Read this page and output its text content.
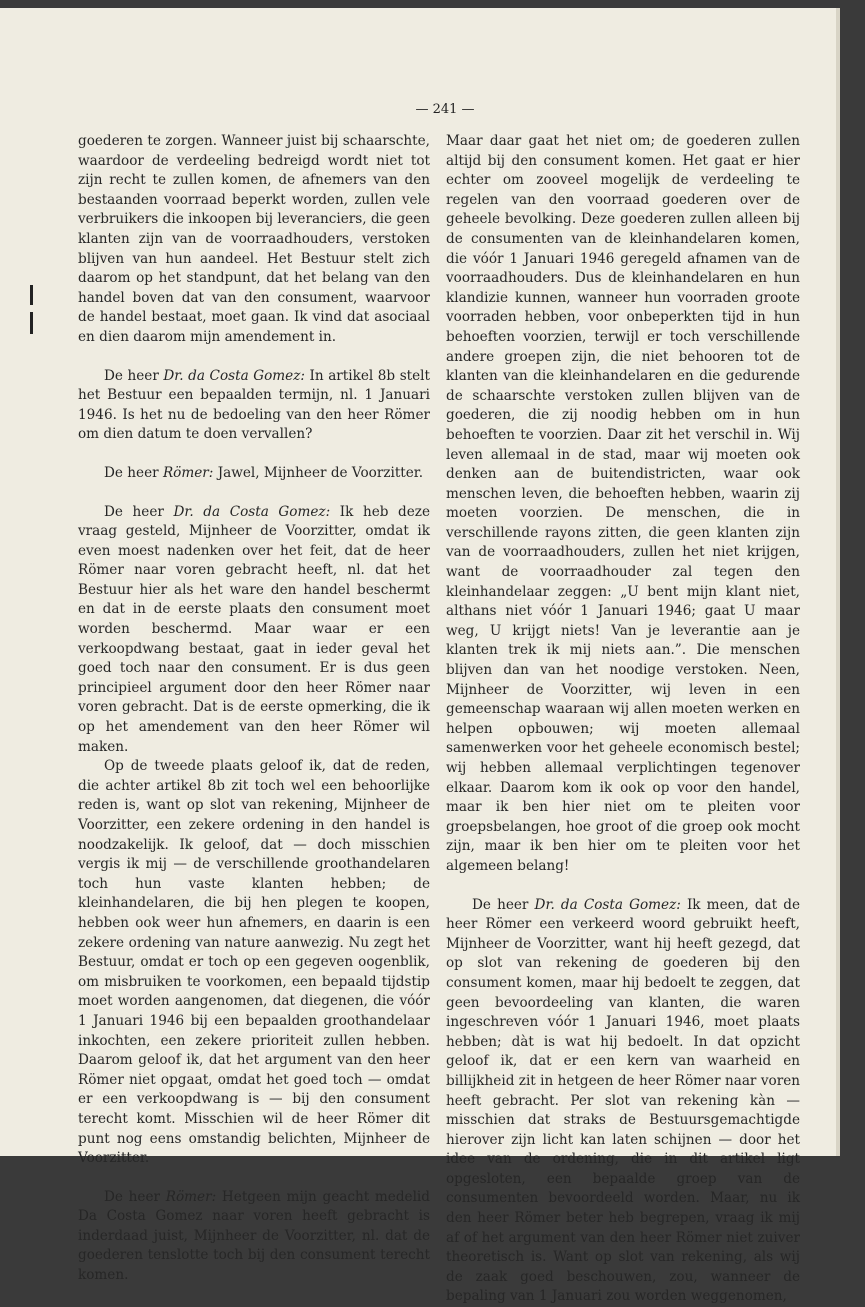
— 241 —

goederen te zorgen. Wanneer juist bij schaarschte, waardoor de verdeeling bedreigd wordt niet tot zijn recht te zullen komen, de afnemers van den bestaanden voorraad beperkt worden, zullen vele verbruikers die inkoopen bij leveranciers, die geen klanten zijn van de voorraadhouders, verstoken blijven van hun aandeel. Het Bestuur stelt zich daarom op het standpunt, dat het belang van den handel boven dat van den consument, waarvoor de handel bestaat, moet gaan. Ik vind dat asociaal en dien daarom mijn amendement in.

De heer Dr. da Costa Gomez: In artikel 8b stelt het Bestuur een bepaalden termijn, nl. 1 Januari 1946. Is het nu de bedoeling van den heer Römer om dien datum te doen vervallen?

De heer Römer: Jawel, Mijnheer de Voorzitter.

De heer Dr. da Costa Gomez: Ik heb deze vraag gesteld, Mijnheer de Voorzitter, omdat ik even moest nadenken over het feit, dat de heer Römer naar voren gebracht heeft, nl. dat het Bestuur hier als het ware den handel beschermt en dat in de eerste plaats den consument moet worden beschermd. Maar waar er een verkoopdwang bestaat, gaat in ieder geval het goed toch naar den consument. Er is dus geen principieel argument door den heer Römer naar voren gebracht. Dat is de eerste opmerking, die ik op het amendement van den heer Römer wil maken.

Op de tweede plaats geloof ik, dat de reden, die achter artikel 8b zit toch wel een behoorlijke reden is, want op slot van rekening, Mijnheer de Voorzitter, een zekere ordening in den handel is noodzakelijk. Ik geloof, dat — doch misschien vergis ik mij — de verschillende groothandelaren toch hun vaste klanten hebben; de kleinhandelaren, die bij hen plegen te koopen, hebben ook weer hun afnemers, en daarin is een zekere ordening van nature aanwezig. Nu zegt het Bestuur, omdat er toch op een gegeven oogenblik, om misbruiken te voorkomen, een bepaald tijdstip moet worden aangenomen, dat diegenen, die vóór 1 Januari 1946 bij een bepaalden groothandelaar inkochten, een zekere prioriteit zullen hebben. Daarom geloof ik, dat het argument van den heer Römer niet opgaat, omdat het goed toch — omdat er een verkoopdwang is — bij den consument terecht komt. Misschien wil de heer Römer dit punt nog eens omstandig belichten, Mijnheer de Voorzitter.

De heer Römer: Hetgeen mijn geacht medelid Da Costa Gomez naar voren heeft gebracht is inderdaad juist, Mijnheer de Voorzitter, nl. dat de goederen tenslotte toch bij den consument terecht komen.

Maar daar gaat het niet om; de goederen zullen altijd bij den consument komen. Het gaat er hier echter om zooveel mogelijk de verdeeling te regelen van den voorraad goederen over de geheele bevolking. Deze goederen zullen alleen bij de consumenten van de kleinhandelaren komen, die vóór 1 Januari 1946 geregeld afnamen van de voorraadhouders. Dus de kleinhandelaren en hun klandizie kunnen, wanneer hun voorraden groote voorraden hebben, voor onbeperkten tijd in hun behoeften voorzien, terwijl er toch verschillende andere groepen zijn, die niet behooren tot de klanten van die kleinhandelaren en die gedurende de schaarschte verstoken zullen blijven van de goederen, die zij noodig hebben om in hun behoeften te voorzien. Daar zit het verschil in. Wij leven allemaal in de stad, maar wij moeten ook denken aan de buitendistricten, waar ook menschen leven, die behoeften hebben, waarin zij moeten voorzien. De menschen, die in verschillende rayons zitten, die geen klanten zijn van de voorraadhouders, zullen het niet krijgen, want de voorraadhouder zal tegen den kleinhandelaar zeggen: „U bent mijn klant niet, althans niet vóór 1 Januari 1946; gaat U maar weg, U krijgt niets! Van je leverantie aan je klanten trek ik mij niets aan.”. Die menschen blijven dan van het noodige verstoken. Neen, Mijnheer de Voorzitter, wij leven in een gemeenschap waaraan wij allen moeten werken en helpen opbouwen; wij moeten allemaal samenwerken voor het geheele economisch bestel; wij hebben allemaal verplichtingen tegenover elkaar. Daarom kom ik ook op voor den handel, maar ik ben hier niet om te pleiten voor groepsbelangen, hoe groot of die groep ook mocht zijn, maar ik ben hier om te pleiten voor het algemeen belang!

De heer Dr. da Costa Gomez: Ik meen, dat de heer Römer een verkeerd woord gebruikt heeft, Mijnheer de Voorzitter, want hij heeft gezegd, dat op slot van rekening de goederen bij den consument komen, maar hij bedoelt te zeggen, dat geen bevoordeeling van klanten, die waren ingeschreven vóór 1 Januari 1946, moet plaats hebben; dàt is wat hij bedoelt. In dat opzicht geloof ik, dat er een kern van waarheid en billijkheid zit in hetgeen de heer Römer naar voren heeft gebracht. Per slot van rekening kàn — misschien dat straks de Bestuursgemachtigde hierover zijn licht kan laten schijnen — door het idee van de ordening, die in dit artikel ligt opgesloten, een bepaalde groep van de consumenten bevoordeeld worden. Maar, nu ik den heer Römer beter heb begrepen, vraag ik mij af of het argument van den heer Römer niet zuiver theoretisch is. Want op slot van rekening, als wij de zaak goed beschouwen, zou, wanneer de bepaling van 1 Januari zou worden weggenomen,
